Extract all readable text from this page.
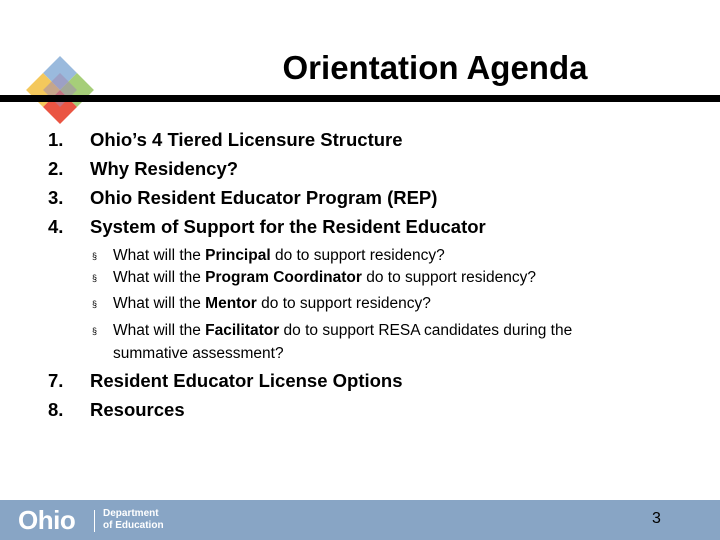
Orientation Agenda
1. Ohio’s 4 Tiered Licensure Structure
2. Why Residency?
3. Ohio Resident Educator Program (REP)
4. System of Support for the Resident Educator
§ What will the Principal do to support residency?
§ What will the Program Coordinator do to support residency?
§ What will the Mentor do to support residency?
§ What will the Facilitator do to support RESA candidates during the
summative assessment?
7. Resident Educator License Options
8. Resources
Ohio	Department
of Education	3
